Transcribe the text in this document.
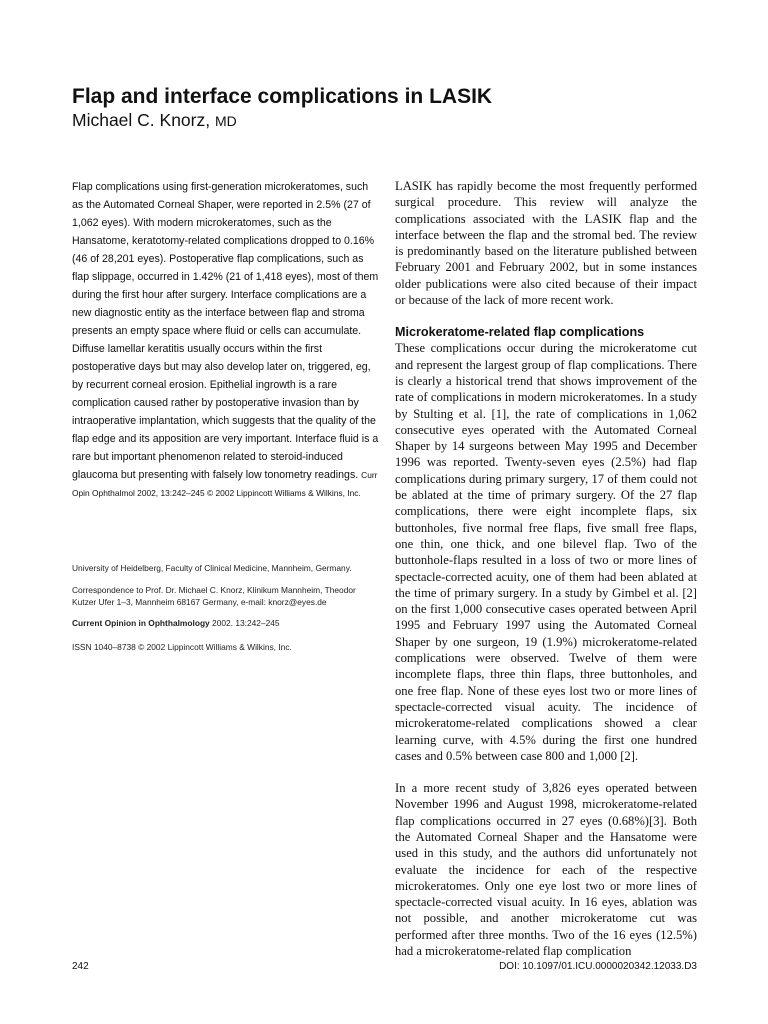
Flap and interface complications in LASIK
Michael C. Knorz, MD

Flap complications using first-generation microkeratomes, such as the Automated Corneal Shaper, were reported in 2.5% (27 of 1,062 eyes). With modern microkeratomes, such as the Hansatome, keratotomy-related complications dropped to 0.16% (46 of 28,201 eyes). Postoperative flap complications, such as flap slippage, occurred in 1.42% (21 of 1,418 eyes), most of them during the first hour after surgery. Interface complications are a new diagnostic entity as the interface between flap and stroma presents an empty space where fluid or cells can accumulate. Diffuse lamellar keratitis usually occurs within the first postoperative days but may also develop later on, triggered, eg, by recurrent corneal erosion. Epithelial ingrowth is a rare complication caused rather by postoperative invasion than by intraoperative implantation, which suggests that the quality of the flap edge and its apposition are very important. Interface fluid is a rare but important phenomenon related to steroid-induced glaucoma but presenting with falsely low tonometry readings. Curr Opin Ophthalmol 2002, 13:242–245 © 2002 Lippincott Williams & Wilkins, Inc.

University of Heidelberg, Faculty of Clinical Medicine, Mannheim, Germany.

Correspondence to Prof. Dr. Michael C. Knorz, Klinikum Mannheim, Theodor Kutzer Ufer 1–3, Mannheim 68167 Germany, e-mail: knorz@eyes.de

Current Opinion in Ophthalmology 2002. 13:242–245

ISSN 1040–8738 © 2002 Lippincott Williams & Wilkins, Inc.

LASIK has rapidly become the most frequently performed surgical procedure. This review will analyze the complications associated with the LASIK flap and the interface between the flap and the stromal bed. The review is predominantly based on the literature published between February 2001 and February 2002, but in some instances older publications were also cited because of their impact or because of the lack of more recent work.

Microkeratome-related flap complications

These complications occur during the microkeratome cut and represent the largest group of flap complications. There is clearly a historical trend that shows improvement of the rate of complications in modern microkeratomes. In a study by Stulting et al. [1], the rate of complications in 1,062 consecutive eyes operated with the Automated Corneal Shaper by 14 surgeons between May 1995 and December 1996 was reported. Twenty-seven eyes (2.5%) had flap complications during primary surgery, 17 of them could not be ablated at the time of primary surgery. Of the 27 flap complications, there were eight incomplete flaps, six buttonholes, five normal free flaps, five small free flaps, one thin, one thick, and one bilevel flap. Two of the buttonhole-flaps resulted in a loss of two or more lines of spectacle-corrected acuity, one of them had been ablated at the time of primary surgery. In a study by Gimbel et al. [2] on the first 1,000 consecutive cases operated between April 1995 and February 1997 using the Automated Corneal Shaper by one surgeon, 19 (1.9%) microkeratome-related complications were observed. Twelve of them were incomplete flaps, three thin flaps, three buttonholes, and one free flap. None of these eyes lost two or more lines of spectacle-corrected visual acuity. The incidence of microkeratome-related complications showed a clear learning curve, with 4.5% during the first one hundred cases and 0.5% between case 800 and 1,000 [2].

In a more recent study of 3,826 eyes operated between November 1996 and August 1998, microkeratome-related flap complications occurred in 27 eyes (0.68%)[3]. Both the Automated Corneal Shaper and the Hansatome were used in this study, and the authors did unfortunately not evaluate the incidence for each of the respective microkeratomes. Only one eye lost two or more lines of spectacle-corrected visual acuity. In 16 eyes, ablation was not possible, and another microkeratome cut was performed after three months. Two of the 16 eyes (12.5%) had a microkeratome-related flap complication

242	DOI: 10.1097/01.ICU.0000020342.12033.D3
